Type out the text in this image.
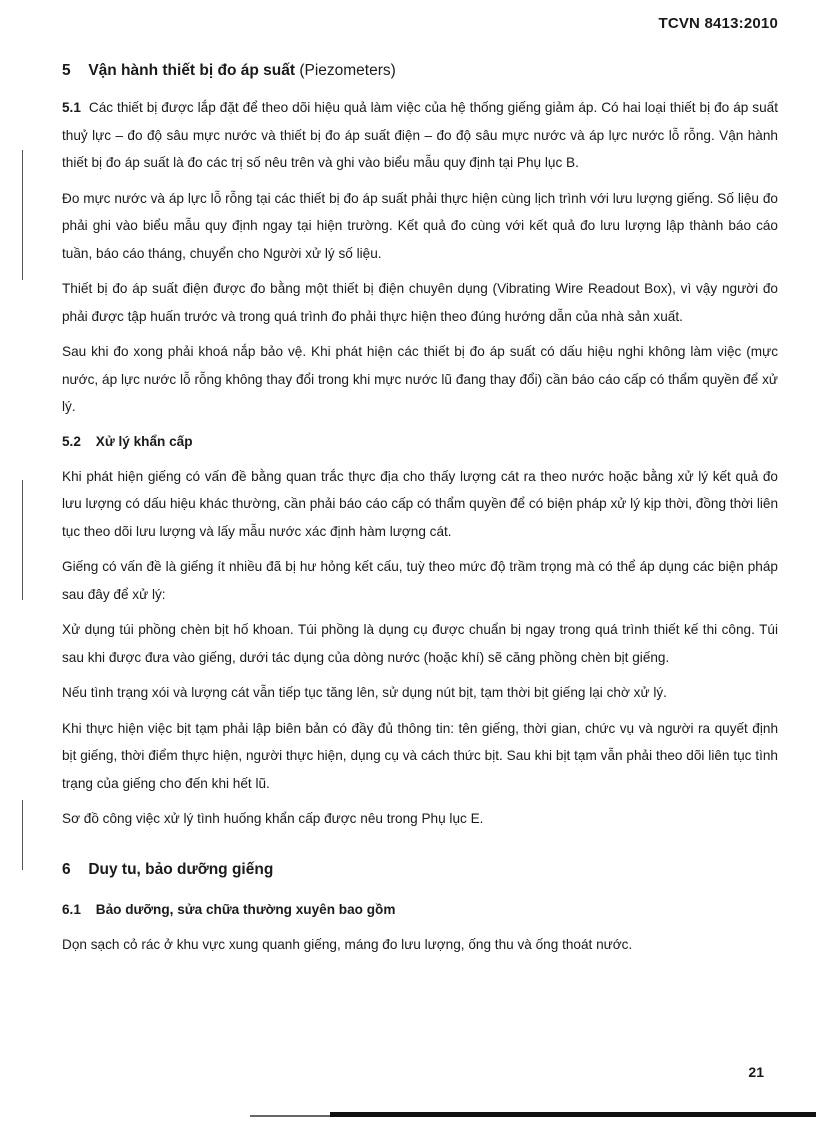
TCVN 8413:2010
5 Vận hành thiết bị đo áp suất (Piezometers)

5.1 Các thiết bị được lắp đặt để theo dõi hiệu quả làm việc của hệ thống giếng giảm áp. Có hai loại thiết bị đo áp suất thuỷ lực – đo độ sâu mực nước và thiết bị đo áp suất điện – đo độ sâu mực nước và áp lực nước lỗ rỗng. Vận hành thiết bị đo áp suất là đo các trị số nêu trên và ghi vào biểu mẫu quy định tại Phụ lục B.

Đo mực nước và áp lực lỗ rỗng tại các thiết bị đo áp suất phải thực hiện cùng lịch trình với lưu lượng giếng. Số liệu đo phải ghi vào biểu mẫu quy định ngay tại hiện trường. Kết quả đo cùng với kết quả đo lưu lượng lập thành báo cáo tuần, báo cáo tháng, chuyển cho Người xử lý số liệu.

Thiết bị đo áp suất điện được đo bằng một thiết bị điện chuyên dụng (Vibrating Wire Readout Box), vì vậy người đo phải được tập huấn trước và trong quá trình đo phải thực hiện theo đúng hướng dẫn của nhà sản xuất.

Sau khi đo xong phải khoá nắp bảo vệ. Khi phát hiện các thiết bị đo áp suất có dấu hiệu nghi không làm việc (mực nước, áp lực nước lỗ rỗng không thay đổi trong khi mực nước lũ đang thay đổi) cần báo cáo cấp có thẩm quyền để xử lý.

5.2 Xử lý khẩn cấp

Khi phát hiện giếng có vấn đề bằng quan trắc thực địa cho thấy lượng cát ra theo nước hoặc bằng xử lý kết quả đo lưu lượng có dấu hiệu khác thường, cần phải báo cáo cấp có thẩm quyền để có biện pháp xử lý kịp thời, đồng thời liên tục theo dõi lưu lượng và lấy mẫu nước xác định hàm lượng cát.

Giếng có vấn đề là giếng ít nhiều đã bị hư hỏng kết cấu, tuỳ theo mức độ trầm trọng mà có thể áp dụng các biện pháp sau đây để xử lý:

Xử dụng túi phồng chèn bịt hố khoan. Túi phồng là dụng cụ được chuẩn bị ngay trong quá trình thiết kế thi công. Túi sau khi được đưa vào giếng, dưới tác dụng của dòng nước (hoặc khí) sẽ căng phồng chèn bịt giếng.

Nếu tình trạng xói và lượng cát vẫn tiếp tục tăng lên, sử dụng nút bịt, tạm thời bịt giếng lại chờ xử lý.

Khi thực hiện việc bịt tạm phải lập biên bản có đầy đủ thông tin: tên giếng, thời gian, chức vụ và người ra quyết định bịt giếng, thời điểm thực hiện, người thực hiện, dụng cụ và cách thức bịt. Sau khi bịt tạm vẫn phải theo dõi liên tục tình trạng của giếng cho đến khi hết lũ.

Sơ đồ công việc xử lý tình huống khẩn cấp được nêu trong Phụ lục E.

6 Duy tu, bảo dưỡng giếng
6.1 Bảo dưỡng, sửa chữa thường xuyên bao gồm

Dọn sạch cỏ rác ở khu vực xung quanh giếng, máng đo lưu lượng, ống thu và ống thoát nước.

21
